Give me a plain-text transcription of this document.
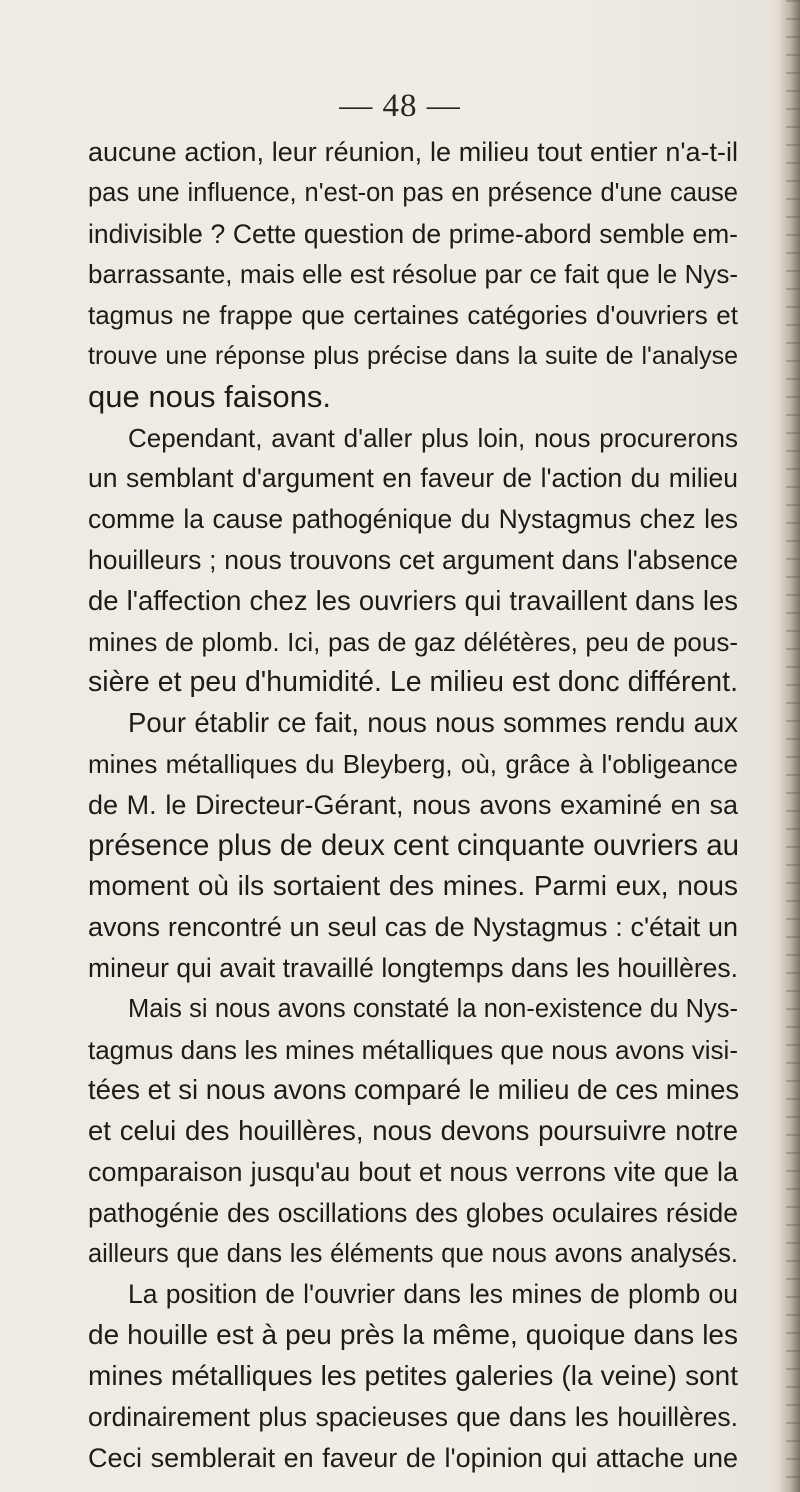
— 48 —
aucune action, leur réunion, le milieu tout entier n'a-t-il
pas une influence, n'est-on pas en présence d'une cause
indivisible ? Cette question de prime-abord semble em-
barrassante, mais elle est résolue par ce fait que le Nys-
tagmus ne frappe que certaines catégories d'ouvriers et
trouve une réponse plus précise dans la suite de l'analyse
que nous faisons.
Cependant, avant d'aller plus loin, nous procurerons
un semblant d'argument en faveur de l'action du milieu
comme la cause pathogénique du Nystagmus chez les
houilleurs ; nous trouvons cet argument dans l'absence
de l'affection chez les ouvriers qui travaillent dans les
mines de plomb. Ici, pas de gaz délétères, peu de pous-
sière et peu d'humidité. Le milieu est donc différent.
Pour établir ce fait, nous nous sommes rendu aux
mines métalliques du Bleyberg, où, grâce à l'obligeance
de M. le Directeur-Gérant, nous avons examiné en sa
présence plus de deux cent cinquante ouvriers au
moment où ils sortaient des mines. Parmi eux, nous
avons rencontré un seul cas de Nystagmus : c'était un
mineur qui avait travaillé longtemps dans les houillères.
Mais si nous avons constaté la non-existence du Nys-
tagmus dans les mines métalliques que nous avons visi-
tées et si nous avons comparé le milieu de ces mines
et celui des houillères, nous devons poursuivre notre
comparaison jusqu'au bout et nous verrons vite que la
pathogénie des oscillations des globes oculaires réside
ailleurs que dans les éléments que nous avons analysés.
La position de l'ouvrier dans les mines de plomb ou
de houille est à peu près la même, quoique dans les
mines métalliques les petites galeries (la veine) sont
ordinairement plus spacieuses que dans les houillères.
Ceci semblerait en faveur de l'opinion qui attache une
